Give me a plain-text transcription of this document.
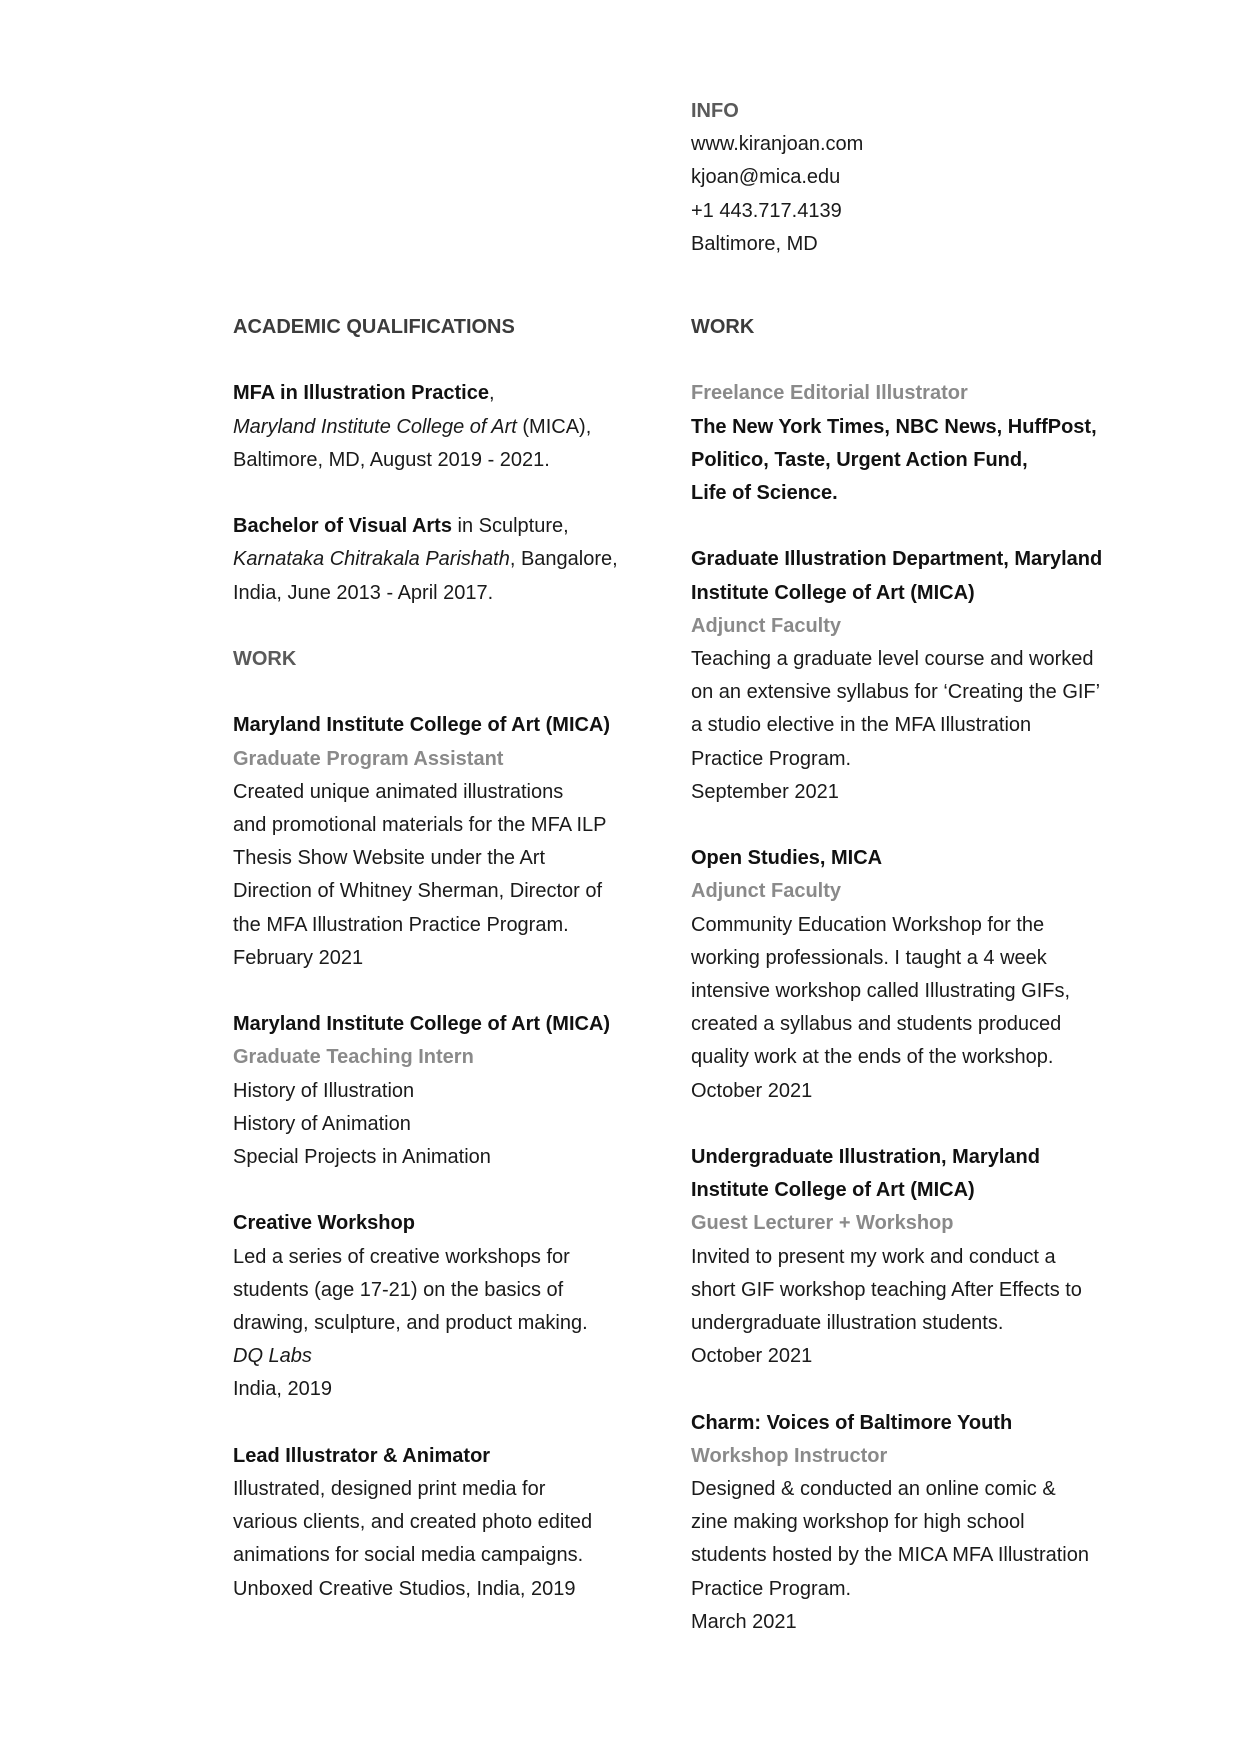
INFO
www.kiranjoan.com
kjoan@mica.edu
+1 443.717.4139
Baltimore, MD
ACADEMIC QUALIFICATIONS
MFA in Illustration Practice,
Maryland Institute College of Art (MICA),
Baltimore, MD, August 2019 - 2021.
Bachelor of Visual Arts in Sculpture,
Karnataka Chitrakala Parishath, Bangalore,
India, June 2013 - April 2017.
WORK
Maryland Institute College of Art (MICA)
Graduate Program Assistant
Created unique animated illustrations
and promotional materials for the MFA ILP
Thesis Show Website under the Art
Direction of Whitney Sherman, Director of
the MFA Illustration Practice Program.
February 2021
Maryland Institute College of Art (MICA)
Graduate Teaching Intern
History of Illustration
History of Animation
Special Projects in Animation
Creative Workshop
Led a series of creative workshops for
students (age 17-21) on the basics of
drawing, sculpture, and product making.
DQ Labs
India, 2019
Lead Illustrator & Animator
Illustrated, designed print media for
various clients, and created photo edited
animations for social media campaigns.
Unboxed Creative Studios, India, 2019
WORK
Freelance Editorial Illustrator
The New York Times, NBC News, HuffPost,
Politico, Taste, Urgent Action Fund,
Life of Science.
Graduate Illustration Department, Maryland
Institute College of Art (MICA)
Adjunct Faculty
Teaching a graduate level course and worked
on an extensive syllabus for ‘Creating the GIF’
a studio elective in the MFA Illustration
Practice Program.
September 2021
Open Studies, MICA
Adjunct Faculty
Community Education Workshop for the
working professionals. I taught a 4 week
intensive workshop called Illustrating GIFs,
created a syllabus and students produced
quality work at the ends of the workshop.
October 2021
Undergraduate Illustration, Maryland
Institute College of Art (MICA)
Guest Lecturer + Workshop
Invited to present my work and conduct a
short GIF workshop teaching After Effects to
undergraduate illustration students.
October 2021
Charm: Voices of Baltimore Youth
Workshop Instructor
Designed & conducted an online comic &
zine making workshop for high school
students hosted by the MICA MFA Illustration
Practice Program.
March 2021
